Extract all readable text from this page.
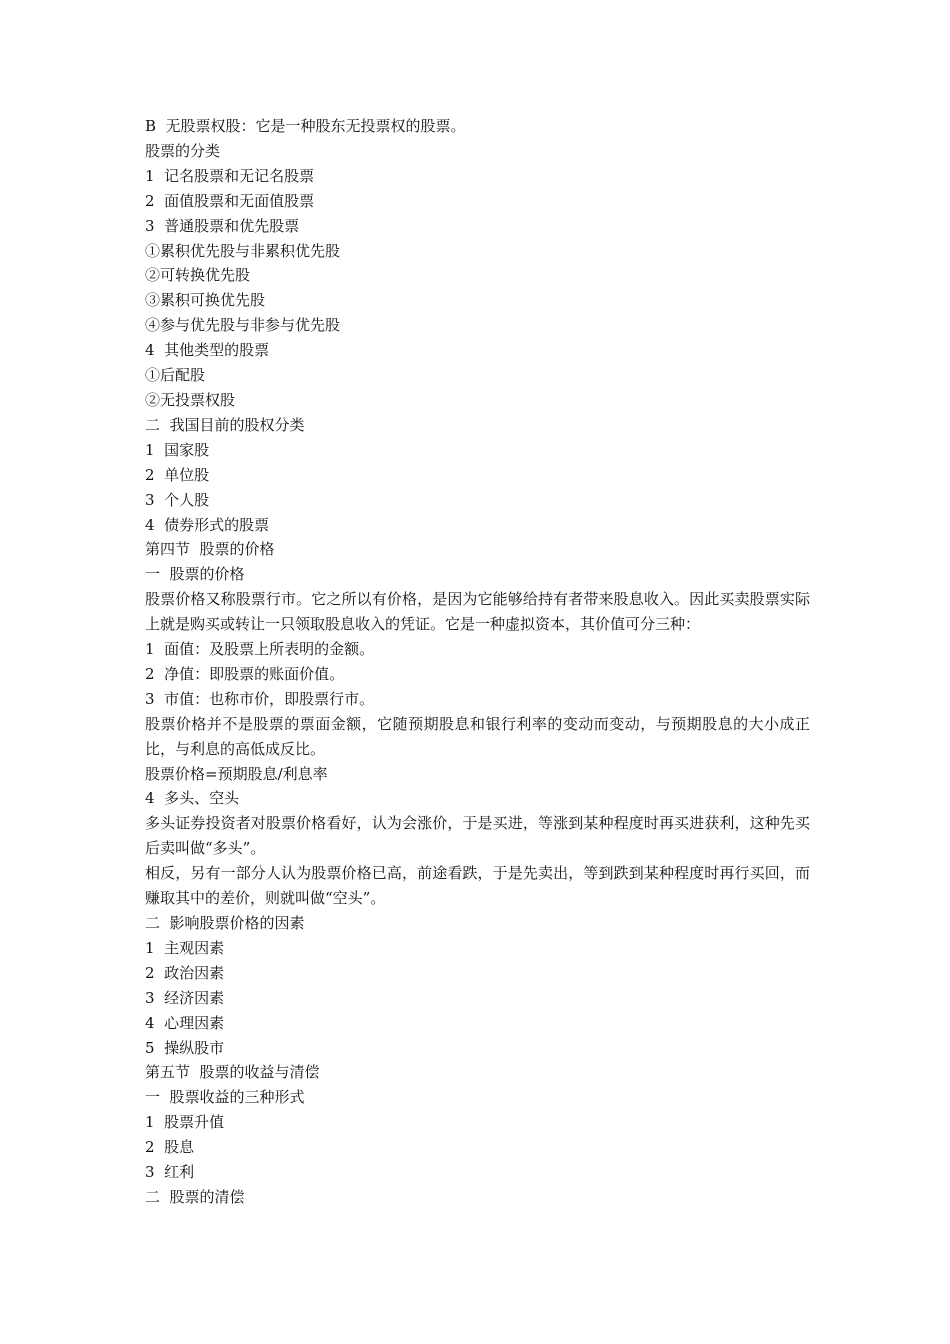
B  无股票权股：它是一种股东无投票权的股票。
股票的分类
1  记名股票和无记名股票
2  面值股票和无面值股票
3  普通股票和优先股票
①累积优先股与非累积优先股
②可转换优先股
③累积可换优先股
④参与优先股与非参与优先股
4  其他类型的股票
①后配股
②无投票权股
二  我国目前的股权分类
1  国家股
2  单位股
3  个人股
4  债券形式的股票
第四节  股票的价格
一  股票的价格
股票价格又称股票行市。它之所以有价格，是因为它能够给持有者带来股息收入。因此买卖股票实际上就是购买或转让一只领取股息收入的凭证。它是一种虚拟资本，其价值可分三种：
1  面值：及股票上所表明的金额。
2  净值：即股票的账面价值。
3  市值：也称市价，即股票行市。
股票价格并不是股票的票面金额，它随预期股息和银行利率的变动而变动，与预期股息的大小成正比，与利息的高低成反比。
股票价格=预期股息/利息率
4  多头、空头
多头证券投资者对股票价格看好，认为会涨价，于是买进，等涨到某种程度时再买进获利，这种先买后卖叫做“多头”。
相反，另有一部分人认为股票价格已高，前途看跌，于是先卖出，等到跌到某种程度时再行买回，而赚取其中的差价，则就叫做“空头”。
二  影响股票价格的因素
1  主观因素
2  政治因素
3  经济因素
4  心理因素
5  操纵股市
第五节  股票的收益与清偿
一  股票收益的三种形式
1  股票升值
2  股息
3  红利
二  股票的清偿
